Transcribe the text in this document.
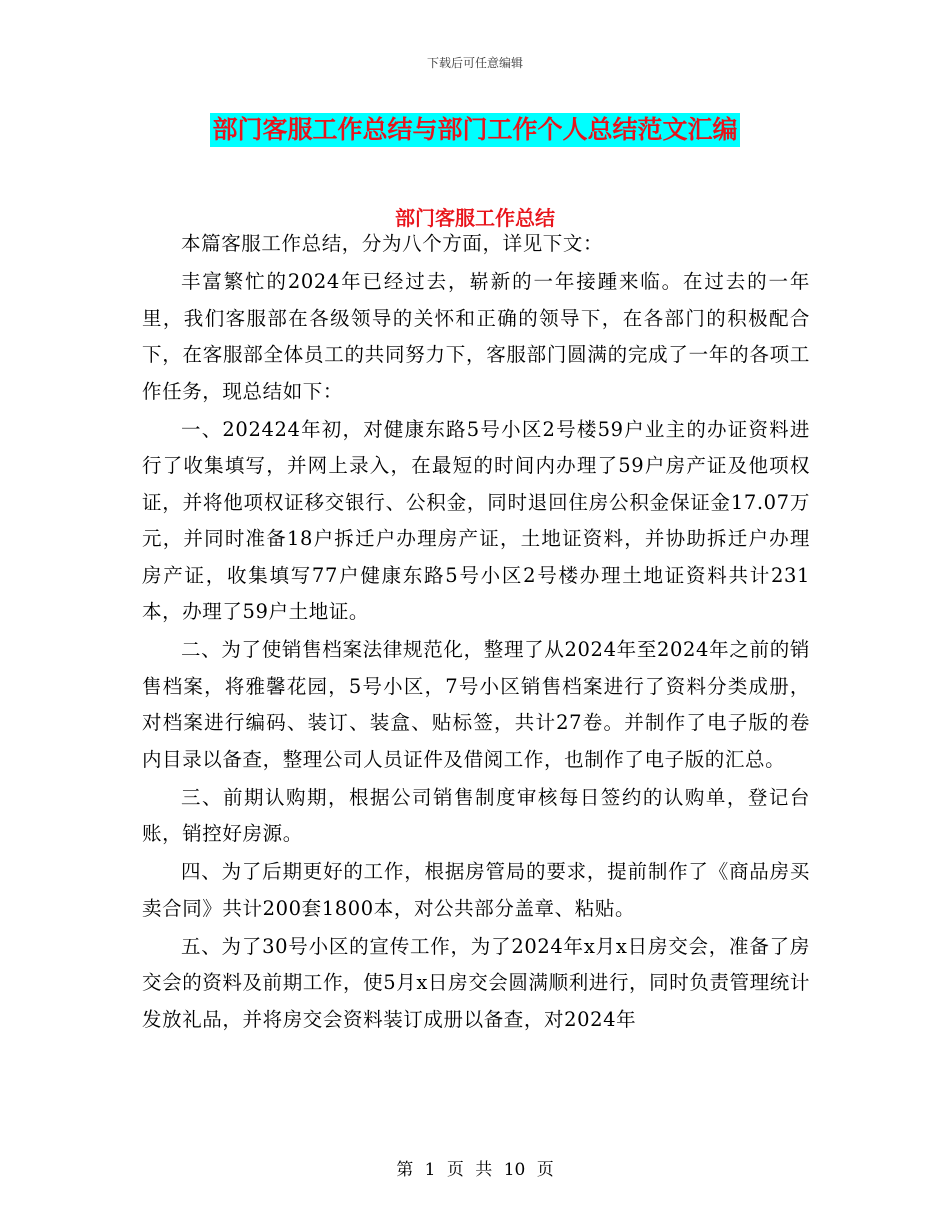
下载后可任意编辑
部门客服工作总结与部门工作个人总结范文汇编
部门客服工作总结

本篇客服工作总结，分为八个方面，详见下文：

丰富繁忙的2024年已经过去，崭新的一年接踵来临。在过去的一年里，我们客服部在各级领导的关怀和正确的领导下，在各部门的积极配合下，在客服部全体员工的共同努力下，客服部门圆满的完成了一年的各项工作任务，现总结如下：

一、202424年初，对健康东路5号小区2号楼59户业主的办证资料进行了收集填写，并网上录入，在最短的时间内办理了59户房产证及他项权证，并将他项权证移交银行、公积金，同时退回住房公积金保证金17.07万元，并同时准备18户拆迁户办理房产证，土地证资料，并协助拆迁户办理房产证，收集填写77户健康东路5号小区2号楼办理土地证资料共计231本，办理了59户土地证。

二、为了使销售档案法律规范化，整理了从2024年至2024年之前的销售档案，将雅馨花园，5号小区，7号小区销售档案进行了资料分类成册，对档案进行编码、装订、装盒、贴标签，共计27卷。并制作了电子版的卷内目录以备查，整理公司人员证件及借阅工作，也制作了电子版的汇总。

三、前期认购期，根据公司销售制度审核每日签约的认购单，登记台账，销控好房源。

四、为了后期更好的工作，根据房管局的要求，提前制作了《商品房买卖合同》共计200套1800本，对公共部分盖章、粘贴。

五、为了30号小区的宣传工作，为了2024年x月x日房交会，准备了房交会的资料及前期工作，使5月x日房交会圆满顺利进行，同时负责管理统计发放礼品，并将房交会资料装订成册以备查，对2024年

第 1 页 共 10 页
